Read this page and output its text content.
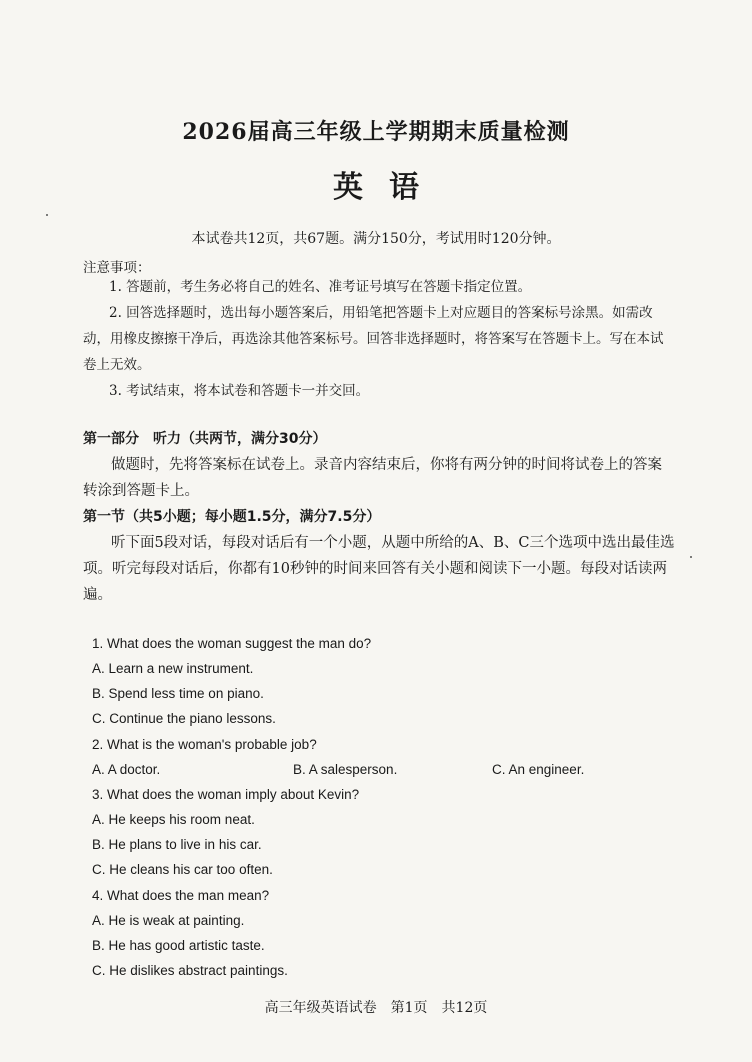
2026届高三年级上学期期末质量检测
英语
本试卷共12页，共67题。满分150分，考试用时120分钟。
注意事项：
1. 答题前，考生务必将自己的姓名、准考证号填写在答题卡指定位置。
2. 回答选择题时，选出每小题答案后，用铅笔把答题卡上对应题目的答案标号涂黑。如需改动，用橡皮擦擦干净后，再选涂其他答案标号。回答非选择题时，将答案写在答题卡上。写在本试卷上无效。
3. 考试结束，将本试卷和答题卡一并交回。
第一部分　听力（共两节，满分30分）
做题时，先将答案标在试卷上。录音内容结束后，你将有两分钟的时间将试卷上的答案转涂到答题卡上。
第一节（共5小题；每小题1.5分，满分7.5分）
听下面5段对话，每段对话后有一个小题，从题中所给的A、B、C三个选项中选出最佳选项。听完每段对话后，你都有10秒钟的时间来回答有关小题和阅读下一小题。每段对话读两遍。
1. What does the woman suggest the man do?
A. Learn a new instrument.
B. Spend less time on piano.
C. Continue the piano lessons.
2. What is the woman's probable job?
A. A doctor.	B. A salesperson.	C. An engineer.
3. What does the woman imply about Kevin?
A. He keeps his room neat.
B. He plans to live in his car.
C. He cleans his car too often.
4. What does the man mean?
A. He is weak at painting.
B. He has good artistic taste.
C. He dislikes abstract paintings.
高三年级英语试卷　第1页　共12页
